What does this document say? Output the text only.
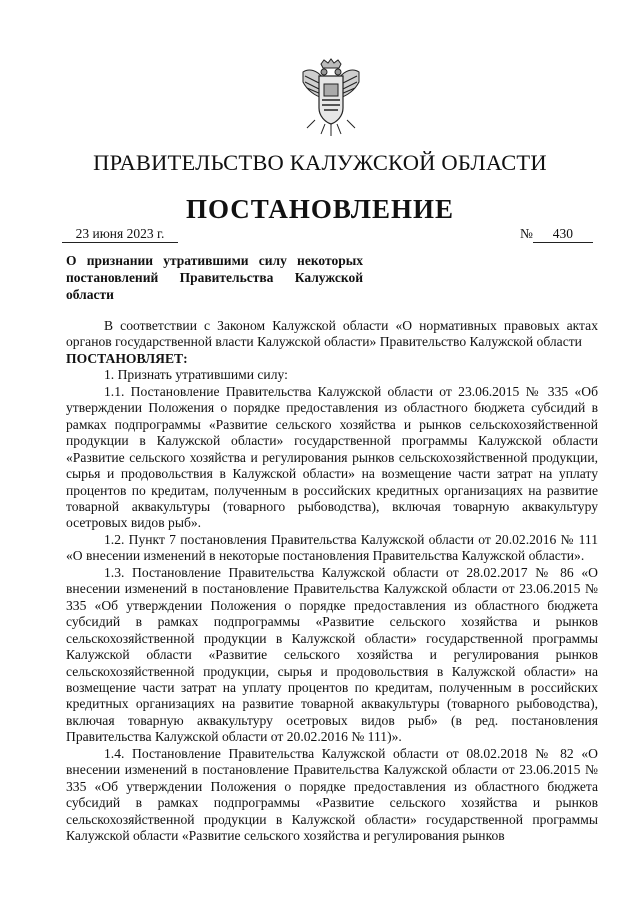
ПРАВИТЕЛЬСТВО КАЛУЖСКОЙ ОБЛАСТИ
ПОСТАНОВЛЕНИЕ
23 июня 2023 г.	№	430
О признании утратившими силу некоторых
постановлений Правительства Калужской
области

В соответствии с Законом Калужской области «О нормативных правовых актах органов государственной власти Калужской области» Правительство Калужской области

ПОСТАНОВЛЯЕТ:

1. Признать утратившими силу:

1.1. Постановление Правительства Калужской области от 23.06.2015 № 335 «Об утверждении Положения о порядке предоставления из областного бюджета субсидий в рамках подпрограммы «Развитие сельского хозяйства и рынков сельскохозяйственной продукции в Калужской области» государственной программы Калужской области «Развитие сельского хозяйства и регулирования рынков сельскохозяйственной продукции, сырья и продовольствия в Калужской области» на возмещение части затрат на уплату процентов по кредитам, полученным в российских кредитных организациях на развитие товарной аквакультуры (товарного рыбоводства), включая товарную аквакультуру осетровых видов рыб».

1.2. Пункт 7 постановления Правительства Калужской области от 20.02.2016 № 111 «О внесении изменений в некоторые постановления Правительства Калужской области».

1.3. Постановление Правительства Калужской области от 28.02.2017 № 86 «О внесении изменений в постановление Правительства Калужской области от 23.06.2015 № 335 «Об утверждении Положения о порядке предоставления из областного бюджета субсидий в рамках подпрограммы «Развитие сельского хозяйства и рынков сельскохозяйственной продукции в Калужской области» государственной программы Калужской области «Развитие сельского хозяйства и регулирования рынков сельскохозяйственной продукции, сырья и продовольствия в Калужской области» на возмещение части затрат на уплату процентов по кредитам, полученным в российских кредитных организациях на развитие товарной аквакультуры (товарного рыбоводства), включая товарную аквакультуру осетровых видов рыб» (в ред. постановления Правительства Калужской области от 20.02.2016 № 111)».

1.4. Постановление Правительства Калужской области от 08.02.2018 № 82 «О внесении изменений в постановление Правительства Калужской области от 23.06.2015 № 335 «Об утверждении Положения о порядке предоставления из областного бюджета субсидий в рамках подпрограммы «Развитие сельского хозяйства и рынков сельскохозяйственной продукции в Калужской области» государственной программы Калужской области «Развитие сельского хозяйства и регулирования рынков
